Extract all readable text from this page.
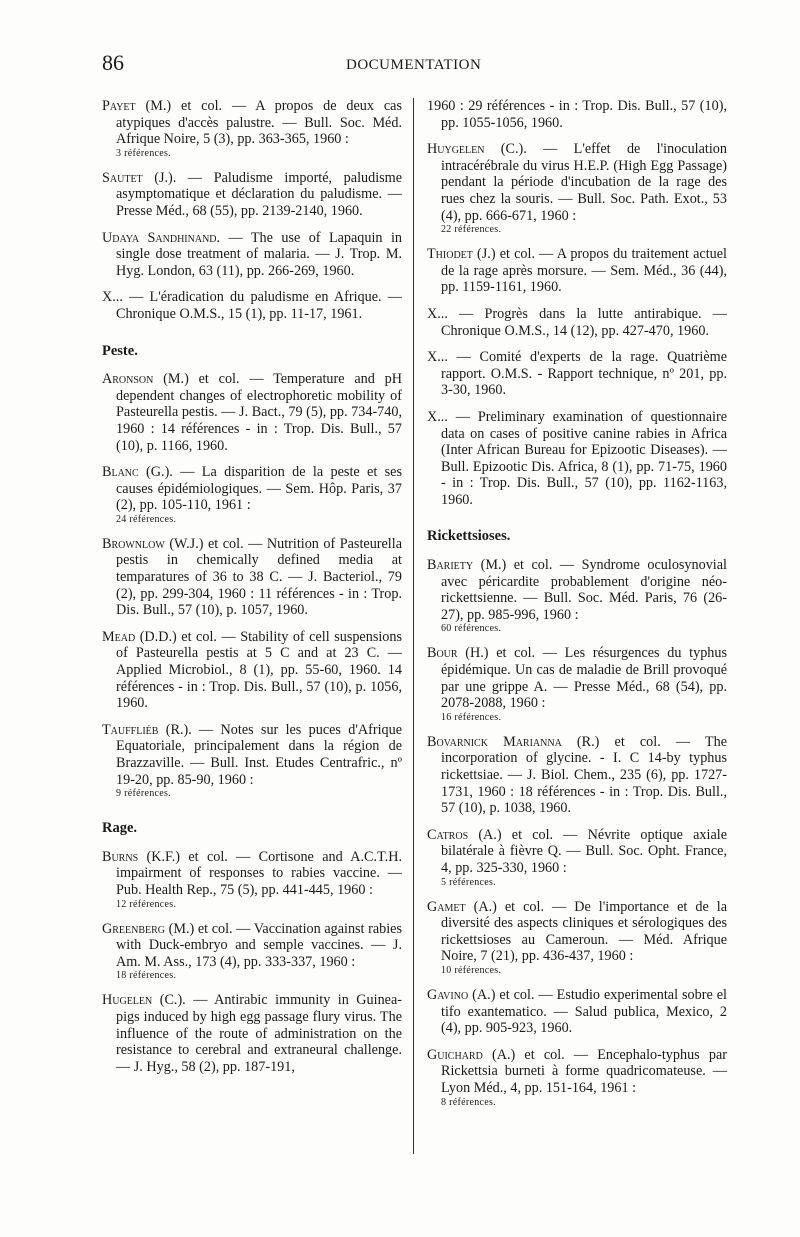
86	DOCUMENTATION
Payet (M.) et col. — A propos de deux cas atypiques d'accès palustre. — Bull. Soc. Méd. Afrique Noire, 5 (3), pp. 363-365, 1960 :
3 références.
Sautet (J.). — Paludisme importé, paludisme asymptomatique et déclaration du paludisme. — Presse Méd., 68 (55), pp. 2139-2140, 1960.
Udaya Sandhinand. — The use of Lapaquin in single dose treatment of malaria. — J. Trop. M. Hyg. London, 63 (11), pp. 266-269, 1960.
X... — L'éradication du paludisme en Afrique. — Chronique O.M.S., 15 (1), pp. 11-17, 1961.
Peste.
Aronson (M.) et col. — Temperature and pH dependent changes of electrophoretic mobility of Pasteurella pestis. — J. Bact., 79 (5), pp. 734-740, 1960 : 14 références - in : Trop. Dis. Bull., 57 (10), p. 1166, 1960.
Blanc (G.). — La disparition de la peste et ses causes épidémiologiques. — Sem. Hôp. Paris, 37 (2), pp. 105-110, 1961 :
24 références.
Brownlow (W.J.) et col. — Nutrition of Pasteurella pestis in chemically defined media at temparatures of 36 to 38 C. — J. Bacteriol., 79 (2), pp. 299-304, 1960 : 11 références - in : Trop. Dis. Bull., 57 (10), p. 1057, 1960.
Mead (D.D.) et col. — Stability of cell suspensions of Pasteurella pestis at 5 C and at 23 C. — Applied Microbiol., 8 (1), pp. 55-60, 1960. 14 références - in : Trop. Dis. Bull., 57 (10), p. 1056, 1960.
Tauffliéb (R.). — Notes sur les puces d'Afrique Equatoriale, principalement dans la région de Brazzaville. — Bull. Inst. Etudes Centrafric., nº 19-20, pp. 85-90, 1960 :
9 références.
Rage.
Burns (K.F.) et col. — Cortisone and A.C.T.H. impairment of responses to rabies vaccine. — Pub. Health Rep., 75 (5), pp. 441-445, 1960 :
12 références.
Greenberg (M.) et col. — Vaccination against rabies with Duck-embryo and semple vaccines. — J. Am. M. Ass., 173 (4), pp. 333-337, 1960 :
18 références.
Hugelen (C.). — Antirabic immunity in Guinea-pigs induced by high egg passage flury virus. The influence of the route of administration on the resistance to cerebral and extraneural challenge. — J. Hyg., 58 (2), pp. 187-191,
1960 : 29 références - in : Trop. Dis. Bull., 57 (10), pp. 1055-1056, 1960.
Huygelen (C.). — L'effet de l'inoculation intracérébrale du virus H.E.P. (High Egg Passage) pendant la période d'incubation de la rage des rues chez la souris. — Bull. Soc. Path. Exot., 53 (4), pp. 666-671, 1960 :
22 références.
Thiodet (J.) et col. — A propos du traitement actuel de la rage après morsure. — Sem. Méd., 36 (44), pp. 1159-1161, 1960.
X... — Progrès dans la lutte antirabique. — Chronique O.M.S., 14 (12), pp. 427-470, 1960.
X... — Comité d'experts de la rage. Quatrième rapport. O.M.S. - Rapport technique, nº 201, pp. 3-30, 1960.
X... — Preliminary examination of questionnaire data on cases of positive canine rabies in Africa (Inter African Bureau for Epizootic Diseases). — Bull. Epizootic Dis. Africa, 8 (1), pp. 71-75, 1960 - in : Trop. Dis. Bull., 57 (10), pp. 1162-1163, 1960.
Rickettsioses.
Bariety (M.) et col. — Syndrome oculosynovial avec péricardite probablement d'origine néo-rickettsienne. — Bull. Soc. Méd. Paris, 76 (26-27), pp. 985-996, 1960 :
60 références.
Bour (H.) et col. — Les résurgences du typhus épidémique. Un cas de maladie de Brill provoqué par une grippe A. — Presse Méd., 68 (54), pp. 2078-2088, 1960 :
16 références.
Bovarnick Marianna (R.) et col. — The incorporation of glycine. - I. C 14-by typhus rickettsiae. — J. Biol. Chem., 235 (6), pp. 1727-1731, 1960 : 18 références - in : Trop. Dis. Bull., 57 (10), p. 1038, 1960.
Catros (A.) et col. — Névrite optique axiale bilatérale à fièvre Q. — Bull. Soc. Opht. France, 4, pp. 325-330, 1960 :
5 références.
Gamet (A.) et col. — De l'importance et de la diversité des aspects cliniques et sérologiques des rickettsioses au Cameroun. — Méd. Afrique Noire, 7 (21), pp. 436-437, 1960 :
10 références.
Gavino (A.) et col. — Estudio experimental sobre el tifo exantematico. — Salud publica, Mexico, 2 (4), pp. 905-923, 1960.
Guichard (A.) et col. — Encephalo-typhus par Rickettsia burneti à forme quadricomateuse. — Lyon Méd., 4, pp. 151-164, 1961 :
8 références.
